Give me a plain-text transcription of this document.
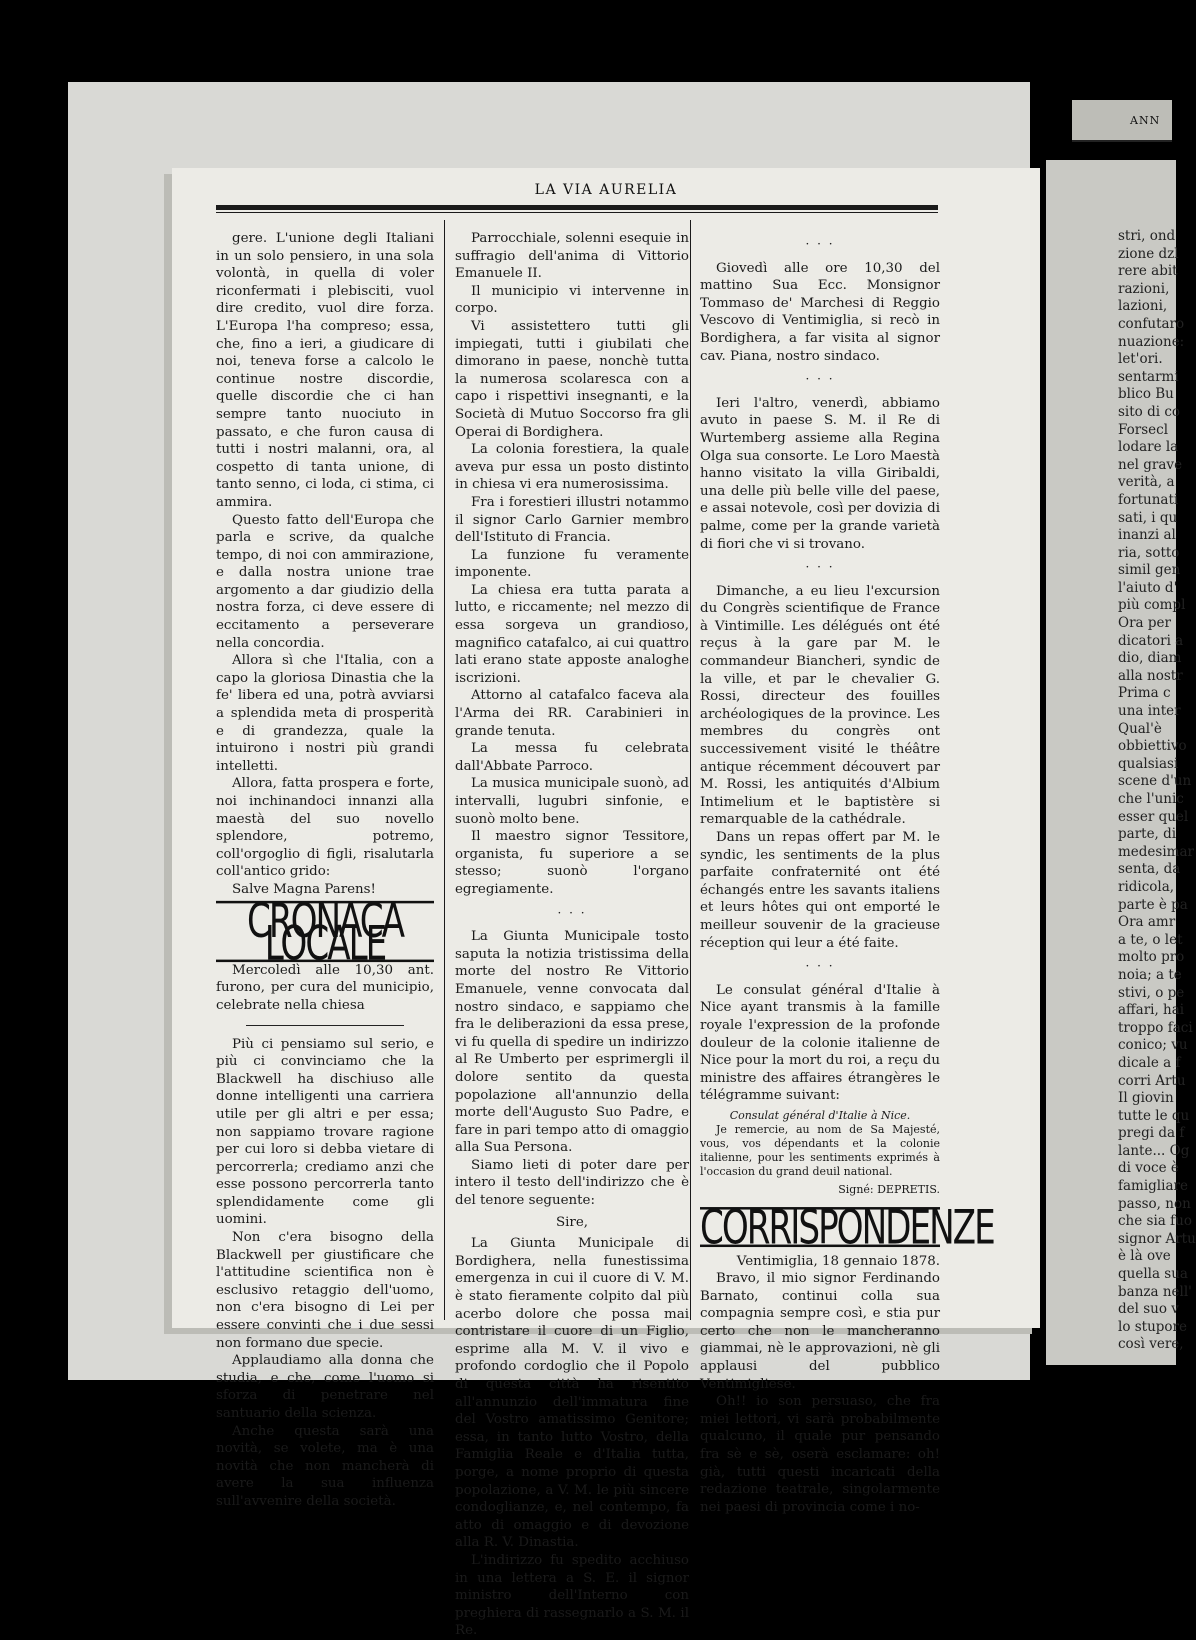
ANN
stri, ond
zione dzl
rere abit
razioni,
lazioni,
confutaro
nuazione:
let'ori.
sentarmi
blico Bu
sito di co
Forsecl
lodare la
nel grave
verità, a
fortunati
sati, i qu
inanzi al
ria, sotto
simil gen
l'aiuto d'
più compl
Ora per
dicatori a
dio, diam
alla nostr
Prima c
una inter
Qual'è
obbiettivo
qualsiasi
scene d'un
che l'unic
esser quel
parte, di
medesimar
senta, da
ridicola,
parte è pa
Ora amr
a te, o let
molto pro
noia; a te
stivi, o pe
affari, hai
troppo faci
conico; vu
dicale a f
corri Artu
Il giovin
tutte le qu
pregi da f
lante... Og
di voce è
famigliare
passo, non
che sia fuo
signor Artu
è là ove
quella sua
banza nell'
del suo v
lo stupore
così vere,
LA VIA AURELIA

gere. L'unione degli Italiani in un solo pensiero, in una sola volontà, in quella di voler riconfermati i plebisciti, vuol dire credito, vuol dire forza. L'Europa l'ha compreso; essa, che, fino a ieri, a giudicare di noi, teneva forse a calcolo le continue nostre discordie, quelle discordie che ci han sempre tanto nuociuto in passato, e che furon causa di tutti i nostri malanni, ora, al cospetto di tanta unione, di tanto senno, ci loda, ci stima, ci ammira.

Questo fatto dell'Europa che parla e scrive, da qualche tempo, di noi con ammirazione, e dalla nostra unione trae argomento a dar giudizio della nostra forza, ci deve essere di eccitamento a perseverare nella concordia.

Allora sì che l'Italia, con a capo la gloriosa Dinastia che la fe' libera ed una, potrà avviarsi a splendida meta di prosperità e di grandezza, quale la intuirono i nostri più grandi intelletti.

Allora, fatta prospera e forte, noi inchinandoci innanzi alla maestà del suo novello splendore, potremo, coll'orgoglio di figli, risalutarla coll'antico grido:

Salve Magna Parens!

CRONACA LOCALE

Mercoledì alle 10,30 ant. furono, per cura del municipio, celebrate nella chiesa

Più ci pensiamo sul serio, e più ci convinciamo che la Blackwell ha dischiuso alle donne intelligenti una carriera utile per gli altri e per essa; non sappiamo trovare ragione per cui loro si debba vietare di percorrerla; crediamo anzi che esse possono percorrerla tanto splendidamente come gli uomini.

Non c'era bisogno della Blackwell per giustificare che l'attitudine scientifica non è esclusivo retaggio dell'uomo, non c'era bisogno di Lei per essere convinti che i due sessi non formano due specie.

Applaudiamo alla donna che studia, e che, come l'uomo si sforza di penetrare nel santuario della scienza.

Anche questa sarà una novità, se volete, ma è una novità che non mancherà di avere la sua influenza sull'avvenire della società.

Parrocchiale, solenni esequie in suffragio dell'anima di Vittorio Emanuele II.

Il municipio vi intervenne in corpo.

Vi assistettero tutti gli impiegati, tutti i giubilati che dimorano in paese, nonchè tutta la numerosa scolaresca con a capo i rispettivi insegnanti, e la Società di Mutuo Soccorso fra gli Operai di Bordighera.

La colonia forestiera, la quale aveva pur essa un posto distinto in chiesa vi era numerosissima.

Fra i forestieri illustri notammo il signor Carlo Garnier membro dell'Istituto di Francia.

La funzione fu veramente imponente.

La chiesa era tutta parata a lutto, e riccamente; nel mezzo di essa sorgeva un grandioso, magnifico catafalco, ai cui quattro lati erano state apposte analoghe iscrizioni.

Attorno al catafalco faceva ala l'Arma dei RR. Carabinieri in grande tenuta.

La messa fu celebrata dall'Abbate Parroco.

La musica municipale suonò, ad intervalli, lugubri sinfonie, e suonò molto bene.

Il maestro signor Tessitore, organista, fu superiore a se stesso; suonò l'organo egregiamente.

· · ·

La Giunta Municipale tosto saputa la notizia tristissima della morte del nostro Re Vittorio Emanuele, venne convocata dal nostro sindaco, e sappiamo che fra le deliberazioni da essa prese, vi fu quella di spedire un indirizzo al Re Umberto per esprimergli il dolore sentito da questa popolazione all'annunzio della morte dell'Augusto Suo Padre, e fare in pari tempo atto di omaggio alla Sua Persona.

Siamo lieti di poter dare per intero il testo dell'indirizzo che è del tenore seguente:

Sire,

La Giunta Municipale di Bordighera, nella funestissima emergenza in cui il cuore di V. M. è stato fieramente colpito dal più acerbo dolore che possa mai contristare il cuore di un Figlio, esprime alla M. V. il vivo e profondo cordoglio che il Popolo di questa città ha risentito all'annunzio dell'immatura fine del Vostro amatissimo Genitore; essa, in tanto lutto Vostro, della Famiglia Reale e d'Italia tutta, porge, a nome proprio di questa popolazione, a V. M. le più sincere condoglianze, e, nel contempo, fa atto di omaggio e di devozione alla R. V. Dinastia.

L'indirizzo fu spedito acchiuso in una lettera a S. E. il signor ministro dell'Interno con preghiera di rassegnarlo a S. M. il Re.

· · ·

Giovedì alle ore 10,30 del mattino Sua Ecc. Monsignor Tommaso de' Marchesi di Reggio Vescovo di Ventimiglia, si recò in Bordighera, a far visita al signor cav. Piana, nostro sindaco.

· · ·

Ieri l'altro, venerdì, abbiamo avuto in paese S. M. il Re di Wurtemberg assieme alla Regina Olga sua consorte. Le Loro Maestà hanno visitato la villa Giribaldi, una delle più belle ville del paese, e assai notevole, così per dovizia di palme, come per la grande varietà di fiori che vi si trovano.

· · ·

Dimanche, a eu lieu l'excursion du Congrès scientifique de France à Vintimille. Les délégués ont été reçus à la gare par M. le commandeur Biancheri, syndic de la ville, et par le chevalier G. Rossi, directeur des fouilles archéologiques de la province. Les membres du congrès ont successivement visité le théâtre antique récemment découvert par M. Rossi, les antiquités d'Albium Intimelium et le baptistère si remarquable de la cathédrale.

Dans un repas offert par M. le syndic, les sentiments de la plus parfaite confraternité ont été échangés entre les savants italiens et leurs hôtes qui ont emporté le meilleur souvenir de la gracieuse réception qui leur a été faite.

· · ·

Le consulat général d'Italie à Nice ayant transmis à la famille royale l'expression de la profonde douleur de la colonie italienne de Nice pour la mort du roi, a reçu du ministre des affaires étrangères le télégramme suivant:

Consulat général d'Italie à Nice.

Je remercie, au nom de Sa Majesté, vous, vos dépendants et la colonie italienne, pour les sentiments exprimés à l'occasion du grand deuil national.

Signé: DEPRETIS.

CORRISPONDENZE

Ventimiglia, 18 gennaio 1878.

Bravo, il mio signor Ferdinando Barnato, continui colla sua compagnia sempre così, e stia pur certo che non le mancheranno giammai, nè le approvazioni, nè gli applausi del pubblico Ventimigliese.

Oh!! io son persuaso, che fra miei lettori, vi sarà probabilmente qualcuno, il quale pur pensando fra sè e sè, oserà esclamare: oh! già, tutti questi incaricati della redazione teatrale, singolarmente nei paesi di provincia come i no-
